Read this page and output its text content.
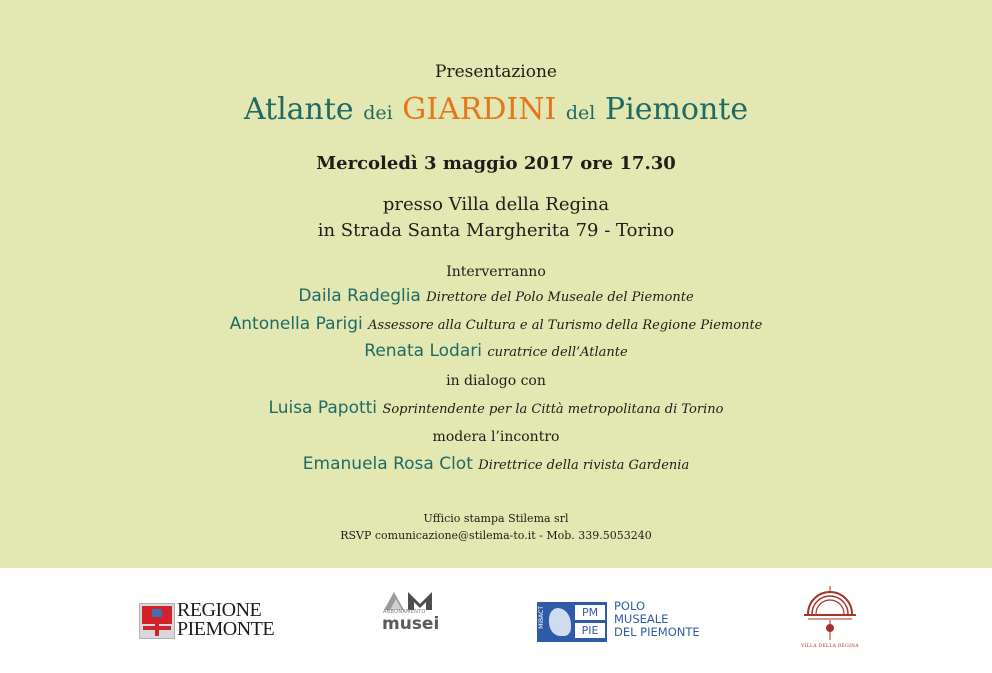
Presentazione
Atlante dei GIARDINI del Piemonte
Mercoledì 3 maggio 2017 ore 17.30
presso Villa della Regina
in Strada Santa Margherita 79 - Torino
Interverranno
Daila Radeglia Direttore del Polo Museale del Piemonte
Antonella Parigi Assessore alla Cultura e al Turismo della Regione Piemonte
Renata Lodari curatrice dell’Atlante
in dialogo con
Luisa Papotti Soprintendente per la Città metropolitana di Torino
modera l’incontro
Emanuela Rosa Clot Direttrice della rivista Gardenia
Ufficio stampa Stilema srl
RSVP comunicazione@stilema-to.it - Mob. 339.5053240
REGIONE
PIEMONTE
ABBONAMENTO
musei	MiBACT	PM
PIE
POLO
MUSEALE
DEL PIEMONTE
VILLA DELLA REGINA
